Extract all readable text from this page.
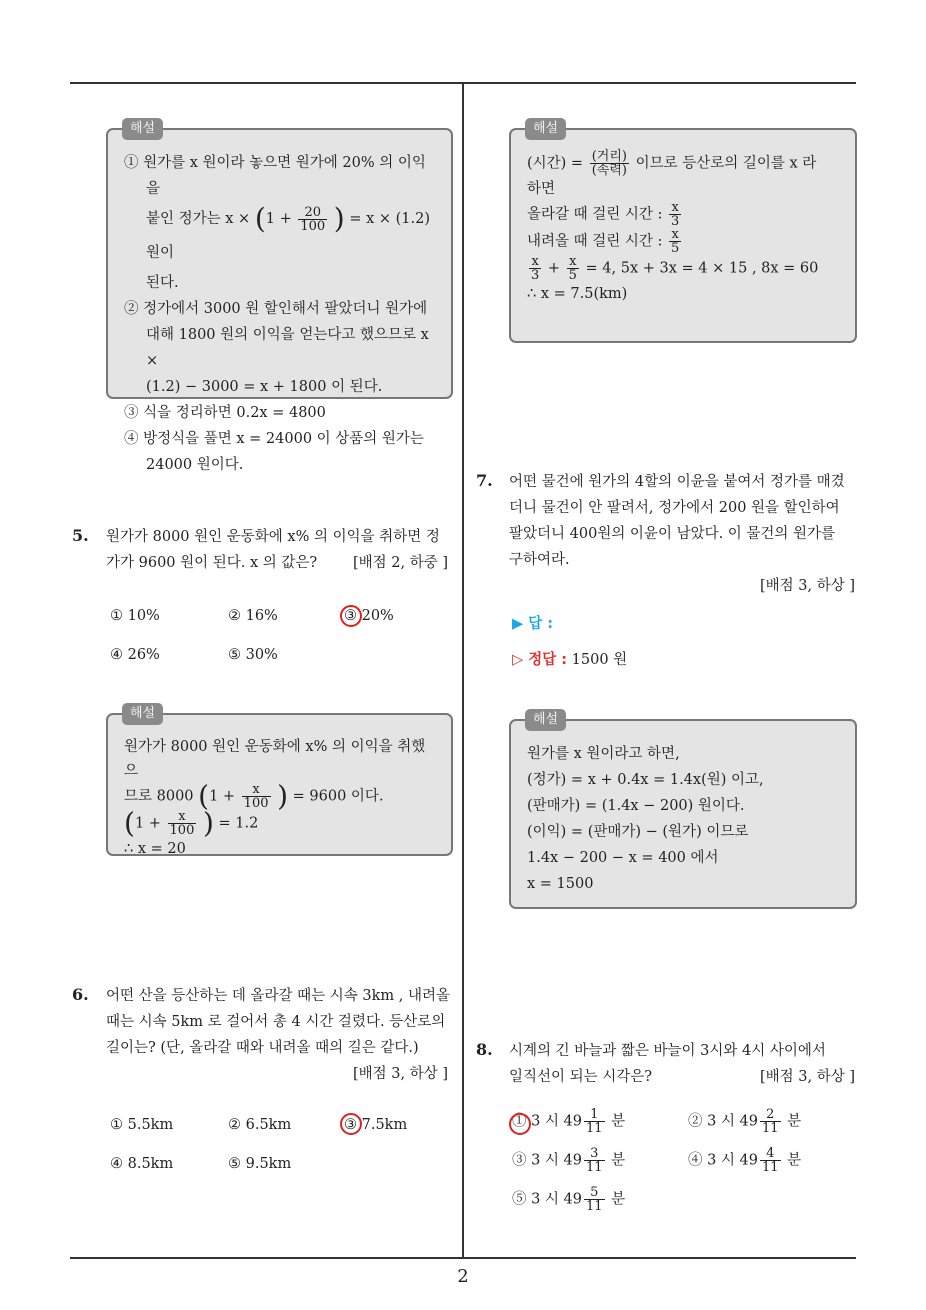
해설

① 원가를 x 원이라 놓으면 원가에 20% 의 이익을

붙인 정가는 $x \times (1 + \frac{20}{100}$ ) = x × (1.2) 원이

된다.

② 정가에서 3000 원 할인해서 팔았더니 원가에

대해 1800 원의 이익을 얻는다고 했으므로 x ×

(1.2) − 3000 = x + 1800 이 된다.

③ 식을 정리하면 0.2x = 4800

④ 방정식을 풀면 x = 24000 이 상품의 원가는

24000 원이다.

해설

(시간) = $\frac{\text{(거리)}}{\text{(속력)}}$ 이므로 등산로의 길이를 x 라

하면

올라갈 때 걸린 시간 : $\frac{x}{3}$

내려올 때 걸린 시간 : $\frac{x}{5}$

$\frac{x}{3} + \frac{x}{5} = 4$, 5x + 3x = 4 × 15 , 8x = 60

∴ x = 7.5(km)

5. 원가가 8000 원인 운동화에 x% 의 이익을 취하면 정
가가 9600 원이 된다. x 의 값은? [배점 2, 하중 ]
① 10%	② 16%	③ 20%
④ 26%	⑤ 30%
해설

원가가 8000 원인 운동화에 x% 의 이익을 취했으

므로 8000 ($1 + \frac{x}{100}$ ) = 9600 이다.

($1 + \frac{x}{100}$ ) = 1.2

∴ x = 20

6. 어떤 산을 등산하는 데 올라갈 때는 시속 3km , 내려올
때는 시속 5km 로 걸어서 총 4 시간 걸렸다. 등산로의
길이는? (단, 올라갈 때와 내려올 때의 길은 같다.)
[배점 3, 하상 ]
① 5.5km	② 6.5km	③ 7.5km
④ 8.5km	⑤ 9.5km
7. 어떤 물건에 원가의 4할의 이윤을 붙여서 정가를 매겼
더니 물건이 안 팔려서, 정가에서 200 원을 할인하여
팔았더니 400원의 이윤이 남았다. 이 물건의 원가를
구하여라.
[배점 3, 하상 ]
▶ 답 :
▷ 정답 : 1500 원
해설

원가를 x 원이라고 하면,

(정가) = x + 0.4x = 1.4x(원) 이고,

(판매가) = (1.4x − 200) 원이다.

(이익) = (판매가) − (원가) 이므로

1.4x − 200 − x = 400 에서

x = 1500

8. 시계의 긴 바늘과 짧은 바늘이 3시와 4시 사이에서
일직선이 되는 시각은?	[배점 3, 하상 ]
① 3 시 $49 \frac{1}{11}$ 분	② 3 시 $49 \frac{2}{11}$ 분
③ 3 시 $49 \frac{3}{11}$ 분	④ 3 시 $49 \frac{4}{11}$ 분
⑤ 3 시 $49 \frac{5}{11}$ 분
2
